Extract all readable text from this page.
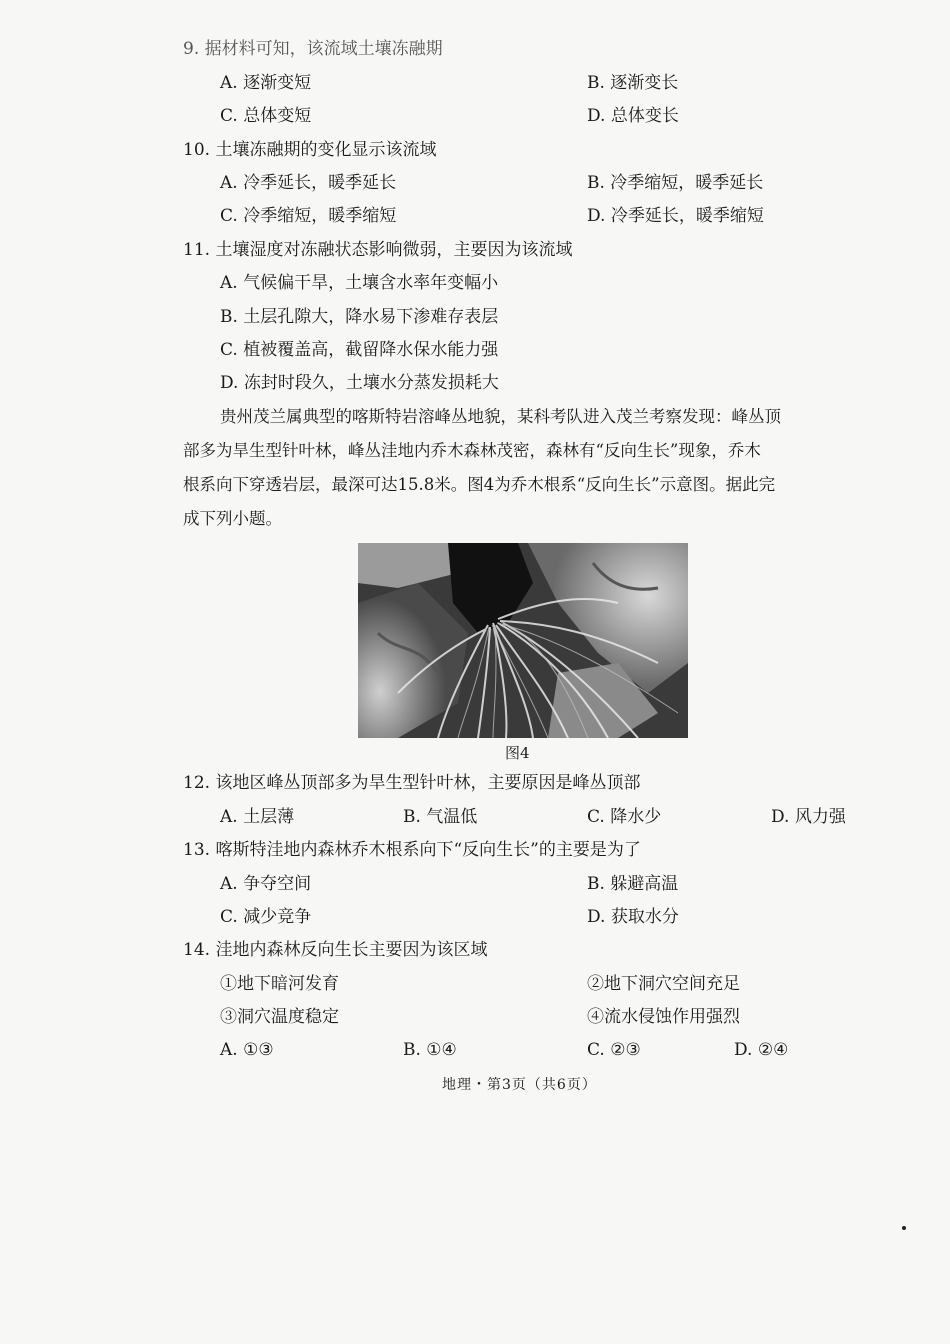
9. 据材料可知，该流域土壤冻融期
A. 逐渐变短	B. 逐渐变长
C. 总体变短	D. 总体变长
10. 土壤冻融期的变化显示该流域
A. 冷季延长，暖季延长	B. 冷季缩短，暖季延长
C. 冷季缩短，暖季缩短	D. 冷季延长，暖季缩短
11. 土壤湿度对冻融状态影响微弱，主要因为该流域
A. 气候偏干旱，土壤含水率年变幅小
B. 土层孔隙大，降水易下渗难存表层
C. 植被覆盖高，截留降水保水能力强
D. 冻封时段久，土壤水分蒸发损耗大
贵州茂兰属典型的喀斯特岩溶峰丛地貌，某科考队进入茂兰考察发现：峰丛顶
部多为旱生型针叶林，峰丛洼地内乔木森林茂密，森林有“反向生长”现象，乔木
根系向下穿透岩层，最深可达15.8米。图4为乔木根系“反向生长”示意图。据此完
成下列小题。
图4
12. 该地区峰丛顶部多为旱生型针叶林，主要原因是峰丛顶部
A. 土层薄	B. 气温低	C. 降水少	D. 风力强
13. 喀斯特洼地内森林乔木根系向下“反向生长”的主要是为了
A. 争夺空间	B. 躲避高温
C. 减少竞争	D. 获取水分
14. 洼地内森林反向生长主要因为该区域
①地下暗河发育	②地下洞穴空间充足
③洞穴温度稳定	④流水侵蚀作用强烈
A. ①③	B. ①④	C. ②③	D. ②④
地理・第3页（共6页）
